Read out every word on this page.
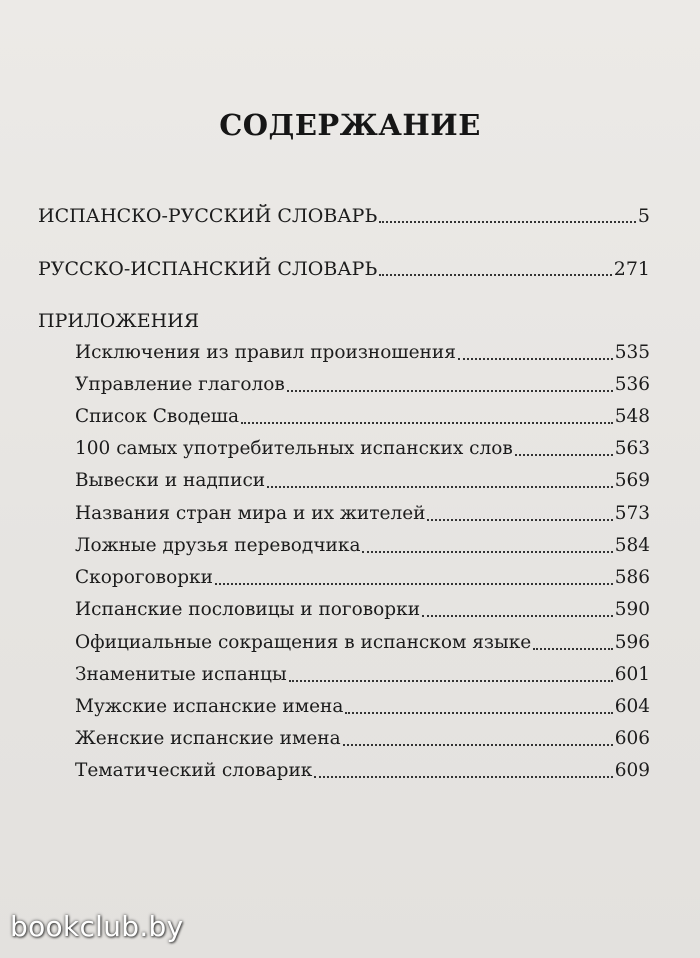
СОДЕРЖАНИЕ
ИСПАНСКО-РУССКИЙ СЛОВАРЬ	5
РУССКО-ИСПАНСКИЙ СЛОВАРЬ	271
ПРИЛОЖЕНИЯ
Исключения из правил произношения	535
Управление глаголов	536
Список Сводеша	548
100 самых употребительных испанских слов	563
Вывески и надписи	569
Названия стран мира и их жителей	573
Ложные друзья переводчика	584
Скороговорки	586
Испанские пословицы и поговорки	590
Официальные сокращения в испанском языке	596
Знаменитые испанцы	601
Мужские испанские имена	604
Женские испанские имена	606
Тематический словарик	609
bookclub.by
